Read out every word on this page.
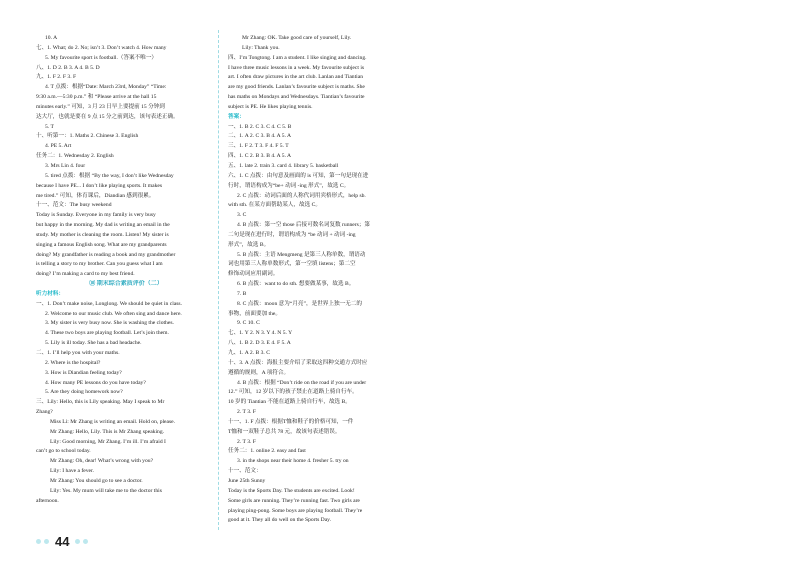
10. A
七、1. What; do 2. No; isn’t 3. Don’t watch 4. How many
5. My favourite sport is football.（答案不唯一）
八、1. D 2. B 3. A 4. B 5. D
九、1. F 2. F 3. F
4. T 点拨：根据“Date: March 23rd, Monday” “Time:
9:30 a.m.—5:30 p.m.” 和 “Please arrive at the hall 15
minutes early.” 可知，3 月 23 日早上要提前 15 分钟到
达大厅，也就是要在 9 点 15 分之前到达，该句表述正确。
5. T
十、听第一：1. Maths 2. Chinese 3. English
4. PE 5. Art
任务二：1. Wednesday 2. English
3. Mrs Lin 4. four
5. tired 点拨：根据 “By the way, I don’t like Wednesday
because I have PE... I don’t like playing sports. It makes
me tired.” 可知，体育课后，Diandian 感到很累。
十一、范文：The busy weekend
Today is Sunday. Everyone in my family is very busy
but happy in the morning. My dad is writing an email in the
study. My mother is cleaning the room. Listen! My sister is
singing a famous English song. What are my grandparents
doing? My grandfather is reading a book and my grandmother
is telling a story to my brother. Can you guess what I am
doing? I’m making a card to my best friend.
⑩ 期末综合素质评价（二）
听力材料：
一、1. Don’t make noise, Longlong. We should be quiet in class.
2. Welcome to our music club. We often sing and dance here.
3. My sister is very busy now. She is washing the clothes.
4. These two boys are playing football. Let’s join them.
5. Lily is ill today. She has a bad headache.
二、1. I’ll help you with your maths.
2. Where is the hospital?
3. How is Diandian feeling today?
4. How many PE lessons do you have today?
5. Are they doing homework now?
三、Lily: Hello, this is Lily speaking. May I speak to Mr
Zhang?
Miss Li: Mr Zhang is writing an email. Hold on, please.
Mr Zhang: Hello, Lily. This is Mr Zhang speaking.
Lily: Good morning, Mr Zhang. I’m ill. I’m afraid I
can’t go to school today.
Mr Zhang: Oh, dear! What’s wrong with you?
Lily: I have a fever.
Mr Zhang: You should go to see a doctor.
Lily: Yes. My mum will take me to the doctor this
afternoon.
Mr Zhang: OK. Take good care of yourself, Lily.
Lily: Thank you.
四、I’m Tongtong. I am a student. I like singing and dancing.
I have three music lessons in a week. My favourite subject is
art. I often draw pictures in the art club. Lanlan and Tiantian
are my good friends. Lanlan’s favourite subject is maths. She
has maths on Mondays and Wednesdays. Tiantian’s favourite
subject is PE. He likes playing tennis.
答案：
一、1. B 2. C 3. C 4. C 5. B
二、1. A 2. C 3. B 4. A 5. A
三、1. F 2. T 3. F 4. F 5. T
四、1. C 2. B 3. B 4. A 5. A
五、1. late 2. train 3. card 4. library 5. basketball
六、1. C 点拨：由句意及画面的 is 可知，第一句是现在进
行时，谓语构成为“be+ 动词 -ing 形式”，故选 C。
2. C 点拨：动词后面的人称代词用宾格形式，help sb.
with sth. 在某方面帮助某人，故选 C。
3. C
4. B 点拨：第一空 those 后接可数名词复数 runners；第
二句是现在进行时，谓语构成为 “be 动词 + 动词 -ing
形式”，故选 B。
5. B 点拨：主语 Mengmeng 是第三人称单数，谓语动
词也用第三人称单数形式，第一空填 listens；第二空
修饰动词应用副词。
6. B 点拨：want to do sth. 想要做某事，故选 B。
7. B
8. C 点拨：moon 意为“月亮”，是世界上独一无二的
事物，前面要加 the。
9. C 10. C
七、1. Y 2. N 3. Y 4. N 5. Y
八、1. B 2. D 3. E 4. F 5. A
九、1. A 2. B 3. C
十、3. A 点拨：海报主要介绍了采取这四种交通方式时应
遵循的规则，A 项符合。
4. B 点拨：根据 “Don’t ride on the road if you are under
12.” 可知，12 岁以下的孩子禁止在道路上骑自行车。
10 岁的 Tiantian 不能在道路上骑自行车，故选 B。
2. T 3. F
十一、1. F 点拨：根据T恤和鞋子的价格可知，一件
T恤和一双鞋子总共 78 元，故该句表述错误。
2. T 3. F
任务二：1. online 2. easy and fast
3. in the shops near their home 4. fresher 5. try on
十一、范文：
June 25th Sunny
Today is the Sports Day. The students are excited. Look!
Some girls are running. They’re running fast. Two girls are
playing ping-pong. Some boys are playing football. They’re
good at it. They all do well on the Sports Day.
44
